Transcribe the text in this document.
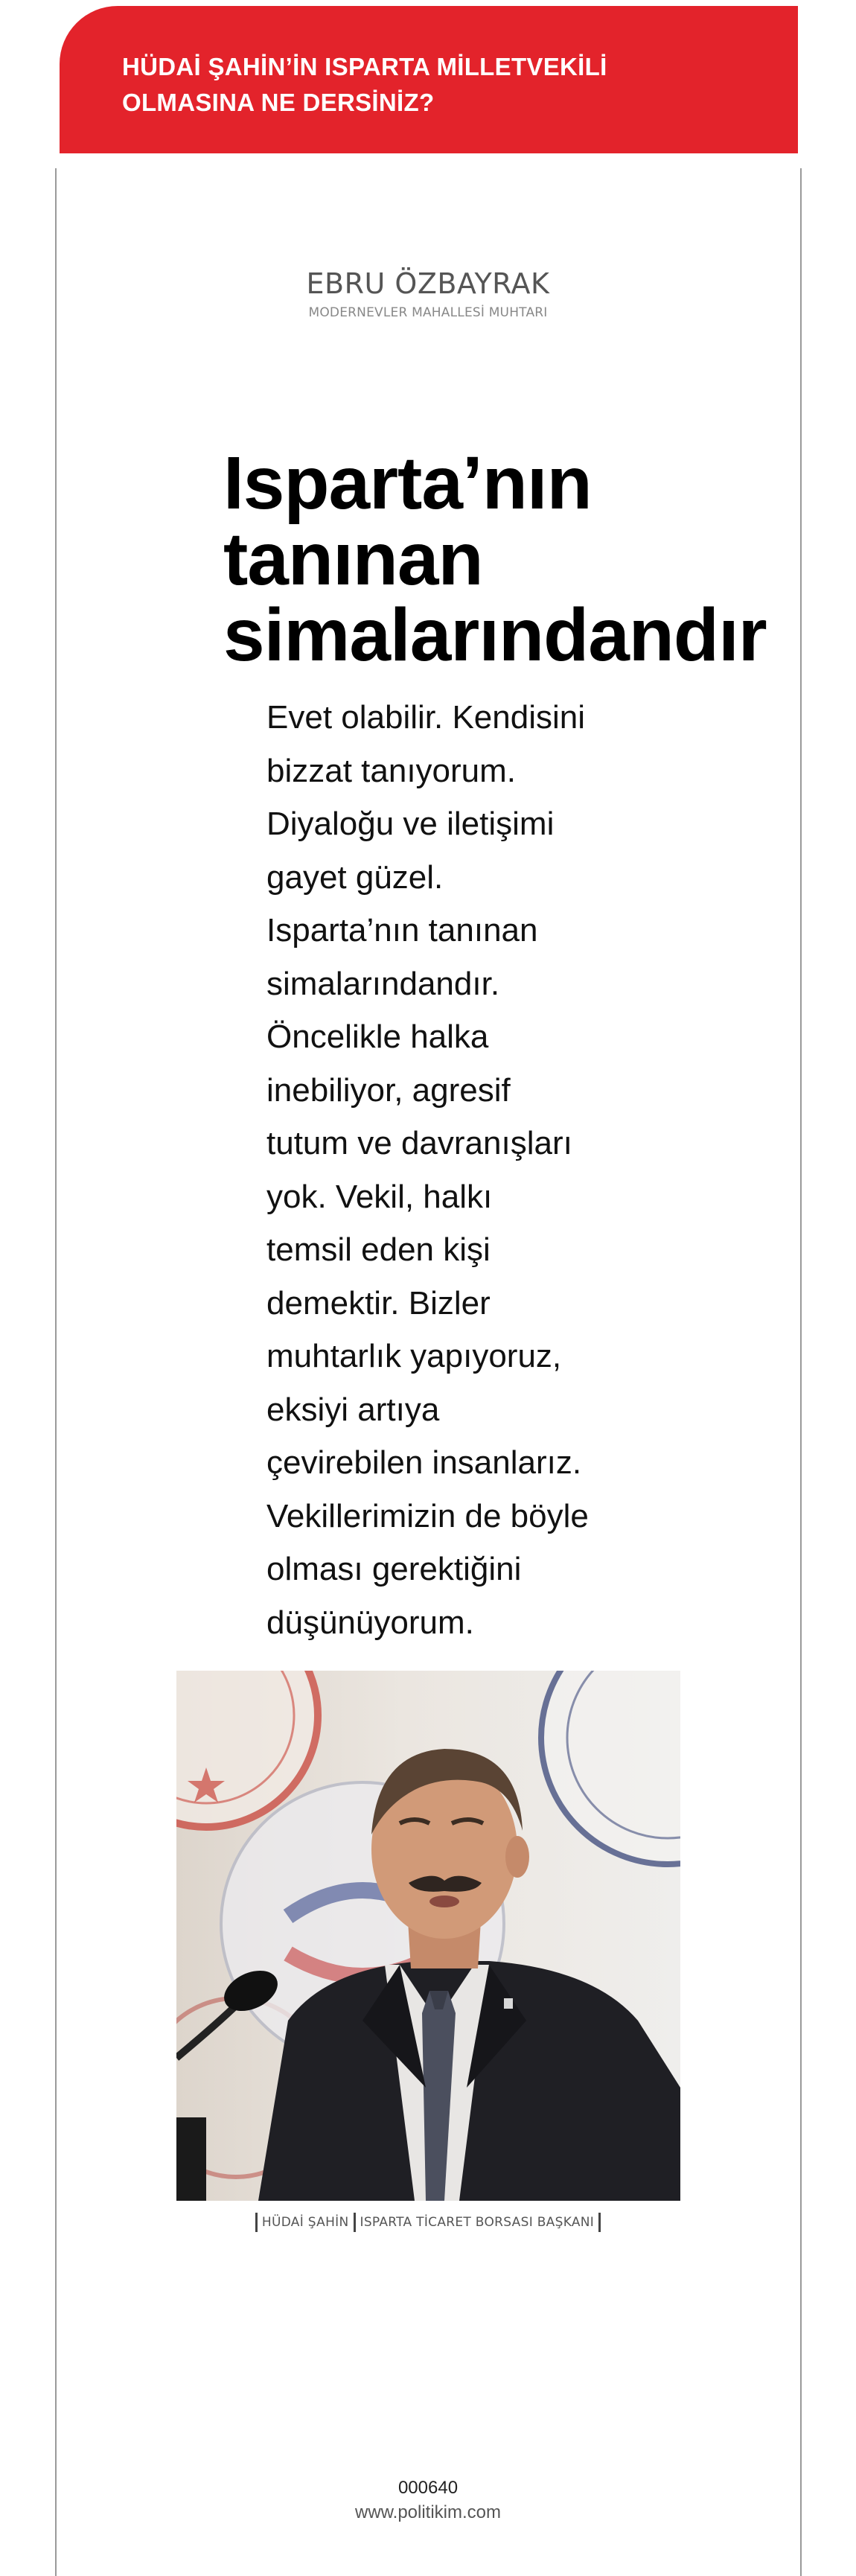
HÜDAİ ŞAHİN’İN ISPARTA MİLLETVEKİLİ
OLMASINA NE DERSİNİZ?
EBRU ÖZBAYRAK
MODERNEVLER MAHALLESİ MUHTARI
Isparta’nın
tanınan
simalarındandır

Evet olabilir. Kendisini
bizzat tanıyorum.
Diyaloğu ve iletişimi
gayet güzel.
Isparta’nın tanınan
simalarındandır.
Öncelikle halka
inebiliyor, agresif
tutum ve davranışları
yok. Vekil, halkı
temsil eden kişi
demektir. Bizler
muhtarlık yapıyoruz,
eksiyi artıya
çevirebilen insanlarız.
Vekillerimizin de böyle
olması gerektiğini
düşünüyorum.

HÜDAİ ŞAHİN ISPARTA TİCARET BORSASI BAŞKANI
000640
www.politikim.com
